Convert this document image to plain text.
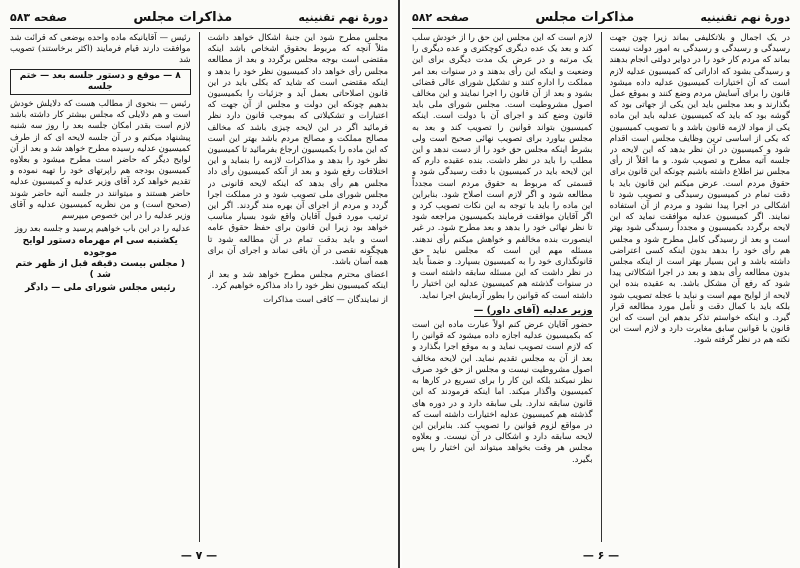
دورهٔ نهم تقنینیه
مذاکرات مجلس
صفحه ۵۸۳

مجلس مطرح شود این جنبهٔ اشکال خواهد داشت مثلاً آنچه که مربوط بحقوق اشخاص باشد اینکه مقتضی است بوجه مجلس برگردد و بعد از مطالعه مجلس رأی خواهد داد کمیسیون نظر خود را بدهد و اینکه مقتضی است که شاید که بکلی باید در این قانون اصلاحاتی بعمل آید و جزئیات را بکمیسیون بدهیم چونکه این دولت و مجلس از آن جهت که اعتبارات و تشکیلاتی که بموجب قانون دارد نظر فرمائید اگر در این لایحه چیزی باشد که مخالف مصالح مملکت و مصالح مردم باشد بهتر این است که این ماده را بکمیسیون ارجاع بفرمائید تا کمیسیون نظر خود را بدهد و مذاکرات لازمه را بنماید و این اختلافات رفع شود و بعد از آنکه کمیسیون رأی داد مجلس هم رأی بدهد که اینکه لایحه قانونی در مجلس شورای ملی تصویب شود و در مملکت اجرا گردد و مردم از اجرای آن بهره مند گردند. اگر این ترتیب مورد قبول آقایان واقع شود بسیار مناسب خواهد بود زیرا این قانون برای حفظ حقوق عامه است و باید بدقت تمام در آن مطالعه شود تا هیچگونه نقصی در آن باقی نماند و اجرای آن برای همه آسان باشد.

اعضای محترم مجلس مطرح خواهد شد و بعد از اینکه کمیسیون نظر خود را داد مذاکره خواهیم کرد.

از نمایندگان — کافی است مذاکرات

رئیس — آقایانیکه ماده واحده بوضعی که قرائت شد موافقت دارند قیام فرمایند (اکثر برخاستند) تصویب شد

۸ — موقع و دستور جلسه بعد — ختم جلسه

رئیس — بنحوی از مطالب هست که دلایلش خودش است و هم دلایلی که مجلس بیشتر کار داشته باشد لازم است بقدر امکان جلسه بعد را روز سه شنبه پیشنهاد میکنم و در آن جلسه لایحه ای که از طرف کمیسیون عدلیه رسیده مطرح خواهد شد و بعد از آن لوایح دیگر که حاضر است مطرح میشود و بعلاوه کمیسیون بودجه هم راپرتهای خود را تهیه نموده و تقدیم خواهد کرد آقای وزیر عدلیه و کمیسیون عدلیه حاضر هستند و میتوانند در جلسه آتیه حاضر شوند (صحیح است) و من نظریه کمیسیون عدلیه و آقای وزیر عدلیه را در این خصوص میپرسم

عدلیه را در این باب خواهیم پرسید و جلسه بعد روز

یکشنبه سی ام مهرماه دستور لوایح موجوده
( مجلس بیست دقیقه قبل از ظهر ختم شد )
رئیس مجلس شورای ملی — دادگر
— ۷ —
دورهٔ نهم تقنینیه
مذاکرات مجلس
صفحه ۵۸۲

در یک اجمال و بلاتکلیفی بماند زیرا چون جهت رسیدگی و رسیدگی و رسیدگی به امور دولت نیست بماند که مردم کار خود را در دوایر دولتی انجام بدهند و رسیدگی بشود که اداراتی که کمیسیون عدلیه لازم است که آن اختیارات کمیسیون عدلیه داده میشود قانون را برای آسایش مردم وضع کنند و بموقع عمل بگذارند و بعد مجلس باید این یکی از جهاتی بود که گوشه بود که باید که کمیسیون عدلیه باید این ماده یکی از مواد لازمه قانون باشد و با تصویب کمیسیون که یکی از اساسی ترین وظایف مجلس است اقدام شود و کمیسیون در آن نظر بدهد که این لایحه در جلسه آتیه مطرح و تصویب شود. و ما اقلاً از رأی مجلس نیز اطلاع داشته باشیم چونکه این قانون برای حقوق مردم است. عرض میکنم این قانون باید با دقت تمام در کمیسیون رسیدگی و تصویب شود تا اشکالی در اجرا پیدا نشود و مردم از آن استفاده نمایند. اگر کمیسیون عدلیه موافقت نماید که این لایحه برگردد بکمیسیون و مجدداً رسیدگی شود بهتر است و بعد از رسیدگی کامل مطرح شود و مجلس هم رأی خود را بدهد بدون اینکه کسی اعتراضی داشته باشد و این بسیار بهتر است از اینکه مجلس بدون مطالعه رأی بدهد و بعد در اجرا اشکالاتی پیدا شود که رفع آن مشکل باشد. به عقیده بنده این لایحه از لوایح مهم است و نباید با عجله تصویب شود بلکه باید با کمال دقت و تأمل مورد مطالعه قرار گیرد. و اینکه خواستم تذکر بدهم این است که این قانون با قوانین سابق مغایرت دارد و لازم است این نکته هم در نظر گرفته شود.

لازم است که این مجلس این حق را از خودش سلب کند و بعد یک عده دیگری کوچکتری و عده دیگری را یک مرتبه و در عرض یک مدت دیگری برای این وضعیت و اینکه این رأی بدهند و در سنوات بعد امر مملکت را اداره کنند و تشکیل شورای عالی قضائی بشود و بعد از آن قانون را اجرا نمایند و این مخالف اصول مشروطیت است. مجلس شورای ملی باید قانون وضع کند و اجرای آن با دولت است. اینکه کمیسیون بتواند قوانین را تصویب کند و بعد به مجلس بیاورد برای تصویب نهائی صحیح است ولی بشرط اینکه مجلس حق خود را از دست ندهد و این مطلب را باید در نظر داشت. بنده عقیده دارم که این لایحه باید در کمیسیون با دقت رسیدگی شود و قسمتی که مربوط به حقوق مردم است مجدداً مطالعه شود و اگر لازم است اصلاح شود. بنابراین این ماده را باید با توجه به این نکات تصویب کرد و اگر آقایان موافقت فرمایند بکمیسیون مراجعه شود تا نظر نهائی خود را بدهد و بعد مطرح شود. در غیر اینصورت بنده مخالفم و خواهش میکنم رأی ندهند. مسئله مهم این است که مجلس نباید حق قانونگذاری خود را به کمیسیون بسپارد. و ضمناً باید در نظر داشت که این مسئله سابقه داشته است و در سنوات گذشته هم کمیسیون عدلیه این اختیار را داشته است که قوانین را بطور آزمایش اجرا نماید.

وزیر عدلیه (آقای داور) —

حضور آقایان عرض کنم اولاً عبارت ماده این است که بکمیسیون عدلیه اجازه داده میشود که قوانین را که لازم است تصویب نماید و به موقع اجرا بگذارد و بعد از آن به مجلس تقدیم نماید. این لایحه مخالف اصول مشروطیت نیست و مجلس از حق خود صرف نظر نمیکند بلکه این کار را برای تسریع در کارها به کمیسیون واگذار میکند. اما اینکه فرمودند که این قانون سابقه ندارد. بلی سابقه دارد و در دوره های گذشته هم کمیسیون عدلیه اختیارات داشته است که در مواقع لزوم قوانین را تصویب کند. بنابراین این لایحه سابقه دارد و اشکالی در آن نیست. و بعلاوه مجلس هر وقت بخواهد میتواند این اختیار را پس بگیرد.

— ۶ —
